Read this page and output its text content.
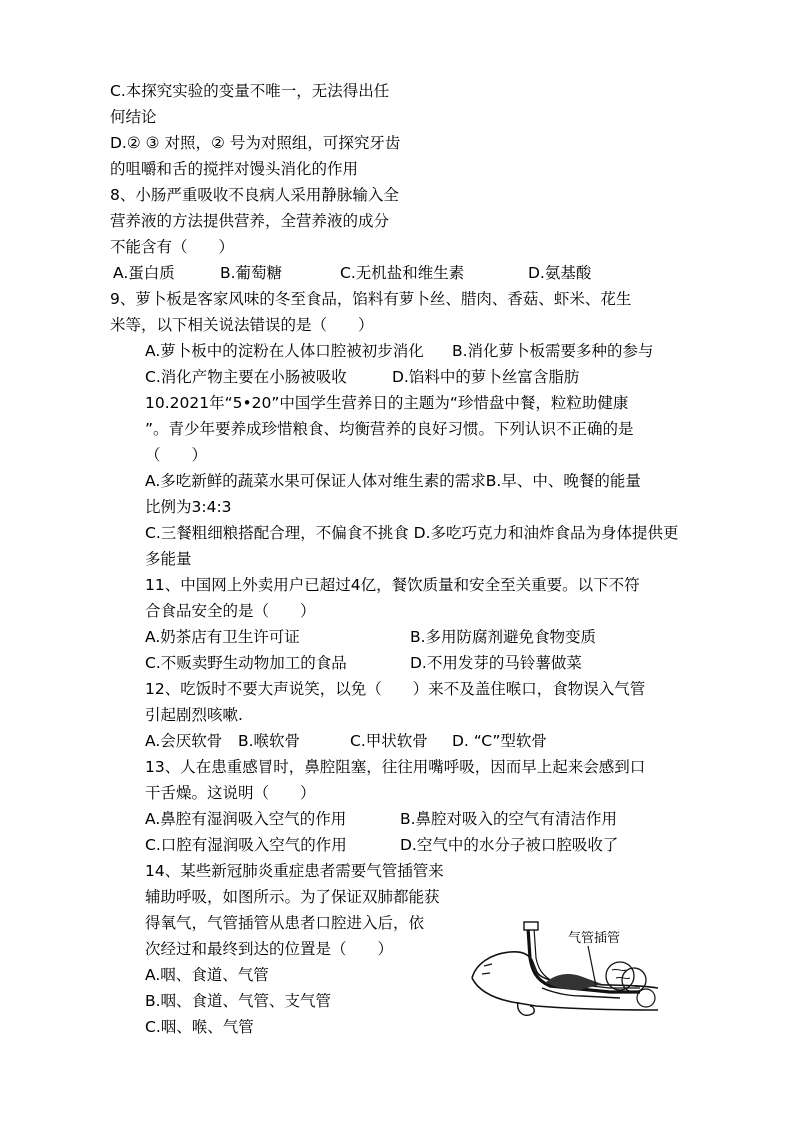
C.本探究实验的变量不唯一，无法得出任
何结论
D.② ③ 对照，② 号为对照组，可探究牙齿
的咀嚼和舌的搅拌对馒头消化的作用
8、小肠严重吸收不良病人采用静脉输入全
营养液的方法提供营养，全营养液的成分
不能含有（　　）
A.蛋白质	B.葡萄糖	C.无机盐和维生素	D.氨基酸
9、萝卜板是客家风味的冬至食品，馅料有萝卜丝、腊肉、香菇、虾米、花生
米等，以下相关说法错误的是（　　）
A.萝卜板中的淀粉在人体口腔被初步消化 B.消化萝卜板需要多种的参与
C.消化产物主要在小肠被吸收	D.馅料中的萝卜丝富含脂肪
10.2021年“5•20”中国学生营养日的主题为“珍惜盘中餐，粒粒助健康
”。青少年要养成珍惜粮食、均衡营养的良好习惯。下列认识不正确的是
（　　）
A.多吃新鲜的蔬菜水果可保证人体对维生素的需求B.早、中、晚餐的能量
比例为3:4:3
C.三餐粗细粮搭配合理，不偏食不挑食 D.多吃巧克力和油炸食品为身体提供更
多能量
11、中国网上外卖用户已超过4亿，餐饮质量和安全至关重要。以下不符
合食品安全的是（　　）
A.奶茶店有卫生许可证	B.多用防腐剂避免食物变质
C.不贩卖野生动物加工的食品	D.不用发芽的马铃薯做菜
12、吃饭时不要大声说笑，以免（　　）来不及盖住喉口，食物误入气管
引起剧烈咳嗽.
A.会厌软骨 B.喉软骨	C.甲状软骨 D. “C”型软骨
13、人在患重感冒时，鼻腔阻塞，往往用嘴呼吸，因而早上起来会感到口
干舌燥。这说明（　　）
A.鼻腔有湿润吸入空气的作用	B.鼻腔对吸入的空气有清洁作用
C.口腔有湿润吸入空气的作用	D.空气中的水分子被口腔吸收了
14、某些新冠肺炎重症患者需要气管插管来
辅助呼吸，如图所示。为了保证双肺都能获
得氧气，气管插管从患者口腔进入后，依
次经过和最终到达的位置是（　　）
A.咽、食道、气管
B.咽、食道、气管、支气管
C.咽、喉、气管
气管插管
